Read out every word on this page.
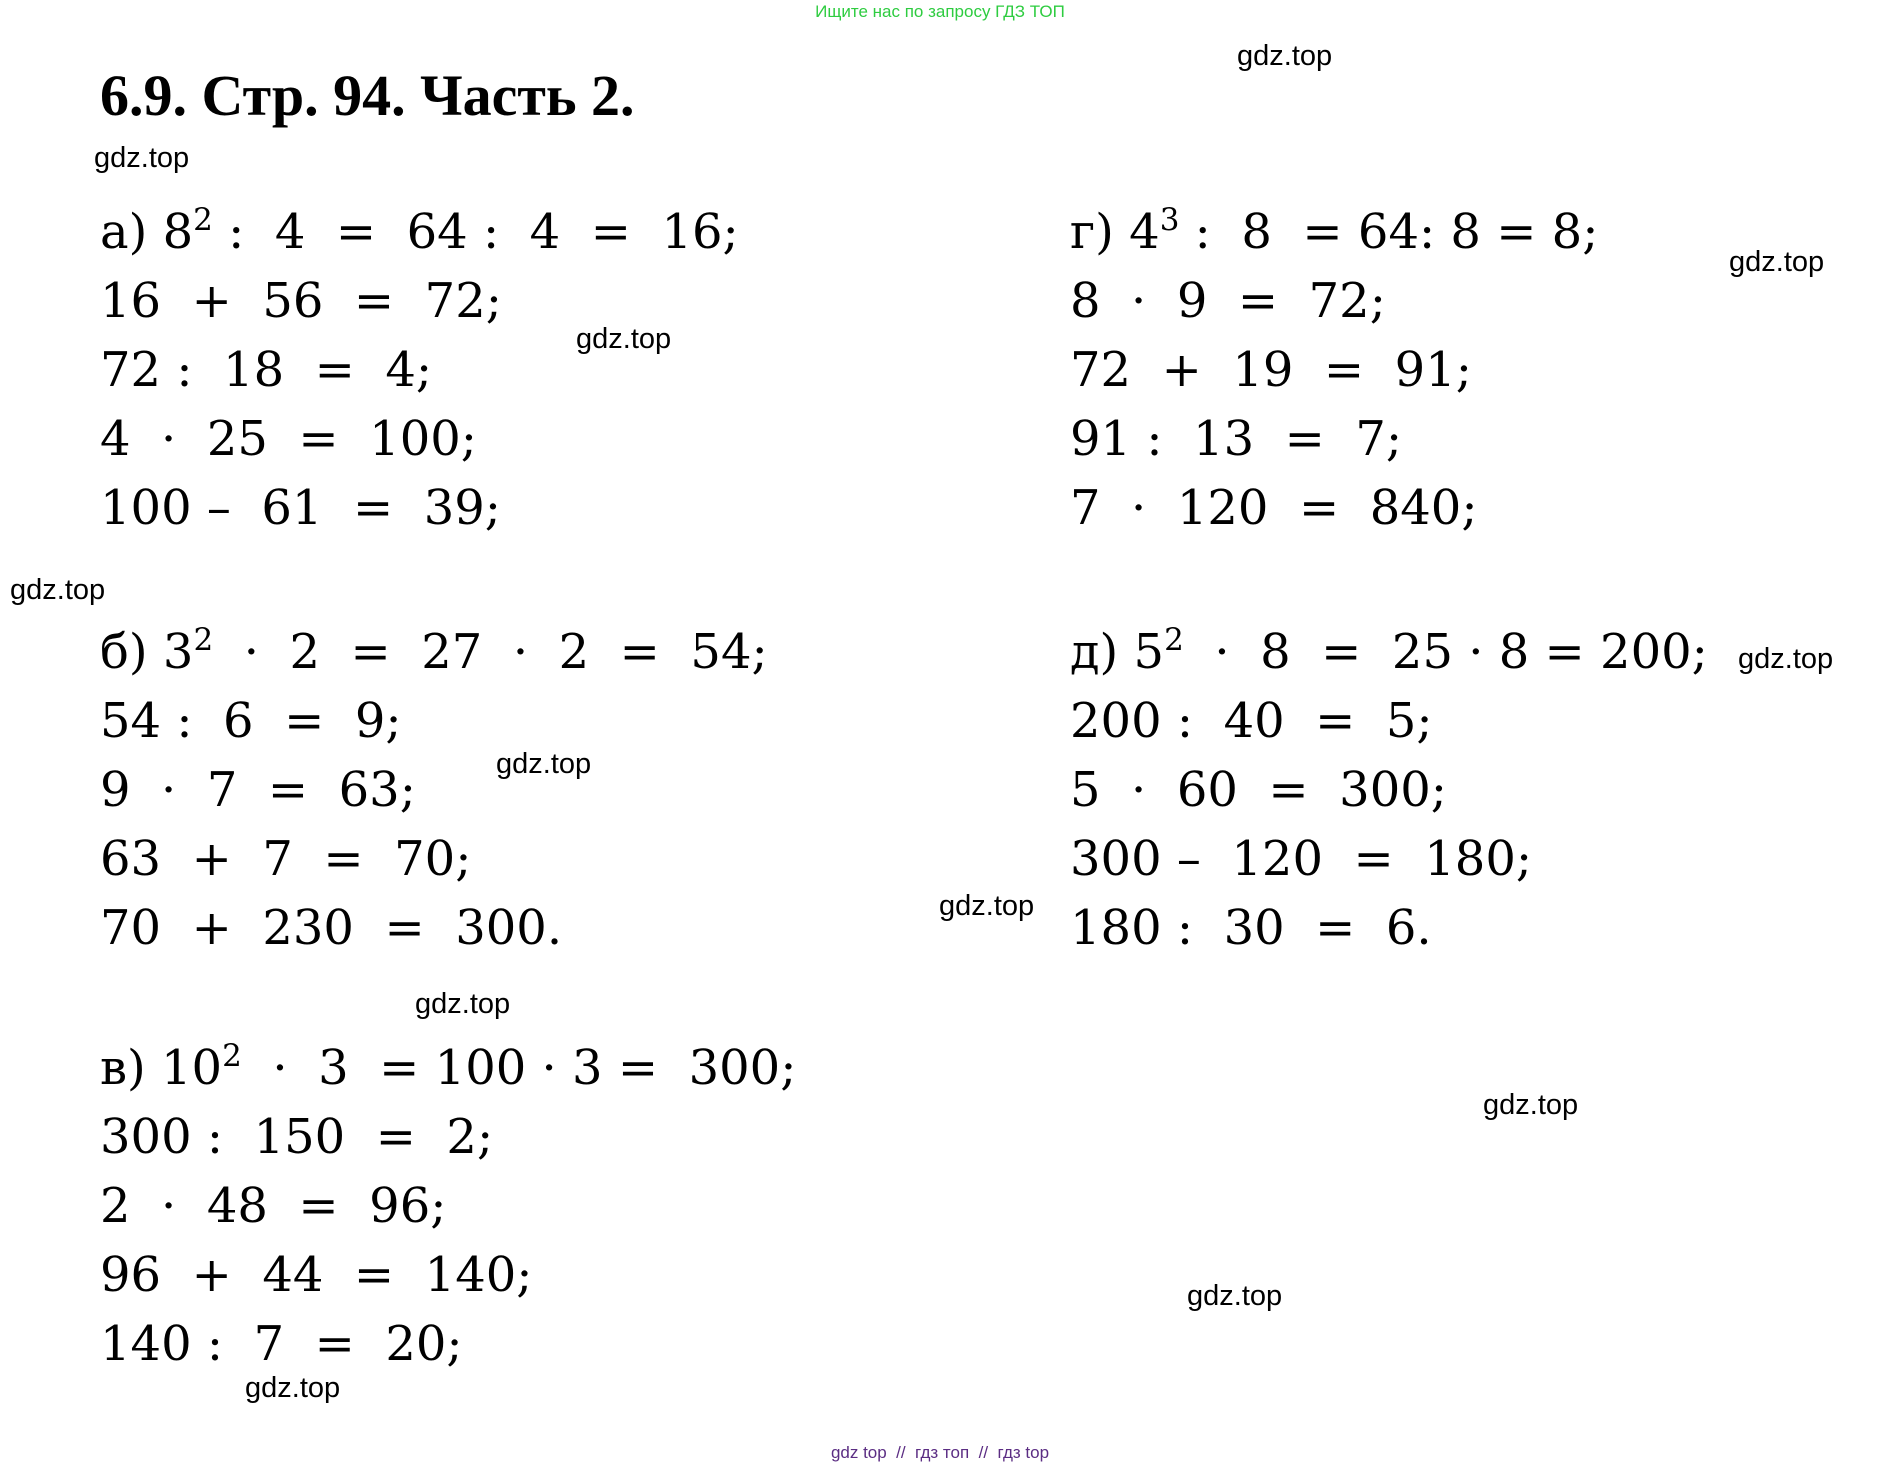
Ищите нас по запросу ГДЗ ТОП
6.9. Стр. 94. Часть 2.
а) $8^2$ :  4  =  64 :  4  =  16;
16  +  56  =  72;
72 :  18  =  4;
4  ·  25  =  100;
100 –  61  =  39;
б) $3^2 \cdot 2 = 27 \cdot 2 = 54$;
54 :  6  =  9;
9  ·  7  =  63;
63  +  7  =  70;
70  +  230  =  300.
в) $10^2 \cdot 3 = 100 \cdot 3 = 300$;
300 :  150  =  2;
2  ·  48  =  96;
96  +  44  =  140;
140 :  7  =  20;
г) $4^3$ :  8  = 64: 8 = 8;
8  ·  9  =  72;
72  +  19  =  91;
91 :  13  =  7;
7  ·  120  =  840;
д) $5^2 \cdot 8 = 25 \cdot 8 = 200$;
200 :  40  =  5;
5  ·  60  =  300;
300 –  120  =  180;
180 :  30  =  6.
gdz.top
gdz.top
gdz.top
gdz.top
gdz.top
gdz.top
gdz.top
gdz.top
gdz.top
gdz.top
gdz.top
gdz.top
gdz top  //  гдз топ  //  гдз top
